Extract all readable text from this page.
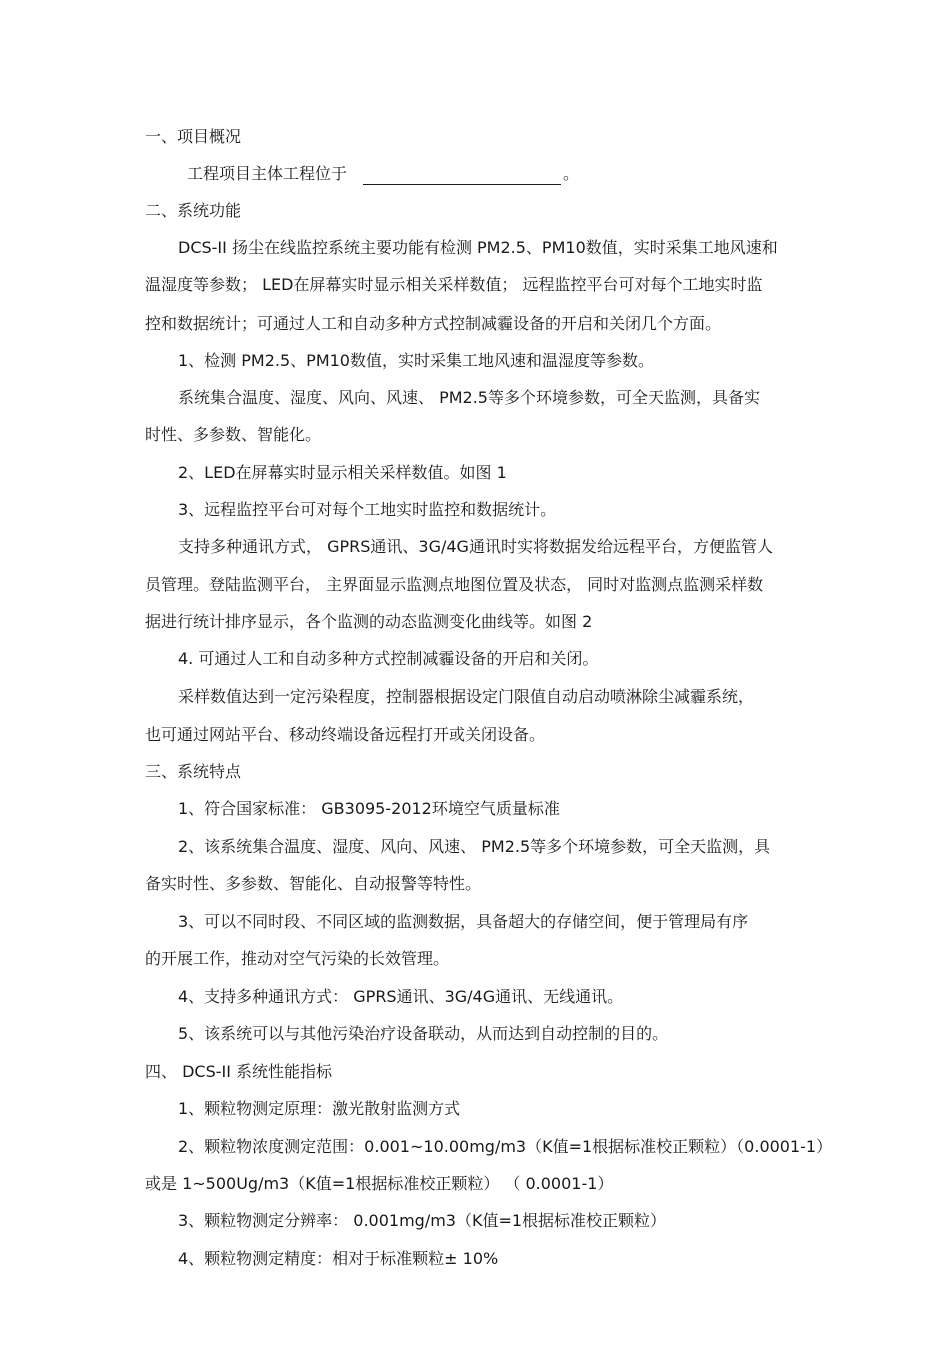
一、项目概况
工程项目主体工程位于	。
二、系统功能
DCS-II 扬尘在线监控系统主要功能有检测 PM2.5、PM10数值，实时采集工地风速和
温湿度等参数； LED在屏幕实时显示相关采样数值； 远程监控平台可对每个工地实时监
控和数据统计；可通过人工和自动多种方式控制减霾设备的开启和关闭几个方面。
1、检测 PM2.5、PM10数值，实时采集工地风速和温湿度等参数。
系统集合温度、湿度、风向、风速、 PM2.5等多个环境参数，可全天监测，具备实
时性、多参数、智能化。
2、LED在屏幕实时显示相关采样数值。如图 1
3、远程监控平台可对每个工地实时监控和数据统计。
支持多种通讯方式， GPRS通讯、3G/4G通讯时实将数据发给远程平台，方便监管人
员管理。登陆监测平台， 主界面显示监测点地图位置及状态， 同时对监测点监测采样数
据进行统计排序显示，各个监测的动态监测变化曲线等。如图 2
4. 可通过人工和自动多种方式控制减霾设备的开启和关闭。
采样数值达到一定污染程度，控制器根据设定门限值自动启动喷淋除尘减霾系统，
也可通过网站平台、移动终端设备远程打开或关闭设备。
三、系统特点
1、符合国家标准： GB3095-2012环境空气质量标准
2、该系统集合温度、湿度、风向、风速、 PM2.5等多个环境参数，可全天监测，具
备实时性、多参数、智能化、自动报警等特性。
3、可以不同时段、不同区域的监测数据，具备超大的存储空间，便于管理局有序
的开展工作，推动对空气污染的长效管理。
4、支持多种通讯方式： GPRS通讯、3G/4G通讯、无线通讯。
5、该系统可以与其他污染治疗设备联动，从而达到自动控制的目的。
四、 DCS-II 系统性能指标
1、颗粒物测定原理：激光散射监测方式
2、颗粒物浓度测定范围：0.001~10.00mg/m3（K值=1根据标准校正颗粒）（0.0001-1）
或是 1~500Ug/m3（K值=1根据标准校正颗粒） （ 0.0001-1）
3、颗粒物测定分辨率： 0.001mg/m3（K值=1根据标准校正颗粒）
4、颗粒物测定精度：相对于标准颗粒± 10%
